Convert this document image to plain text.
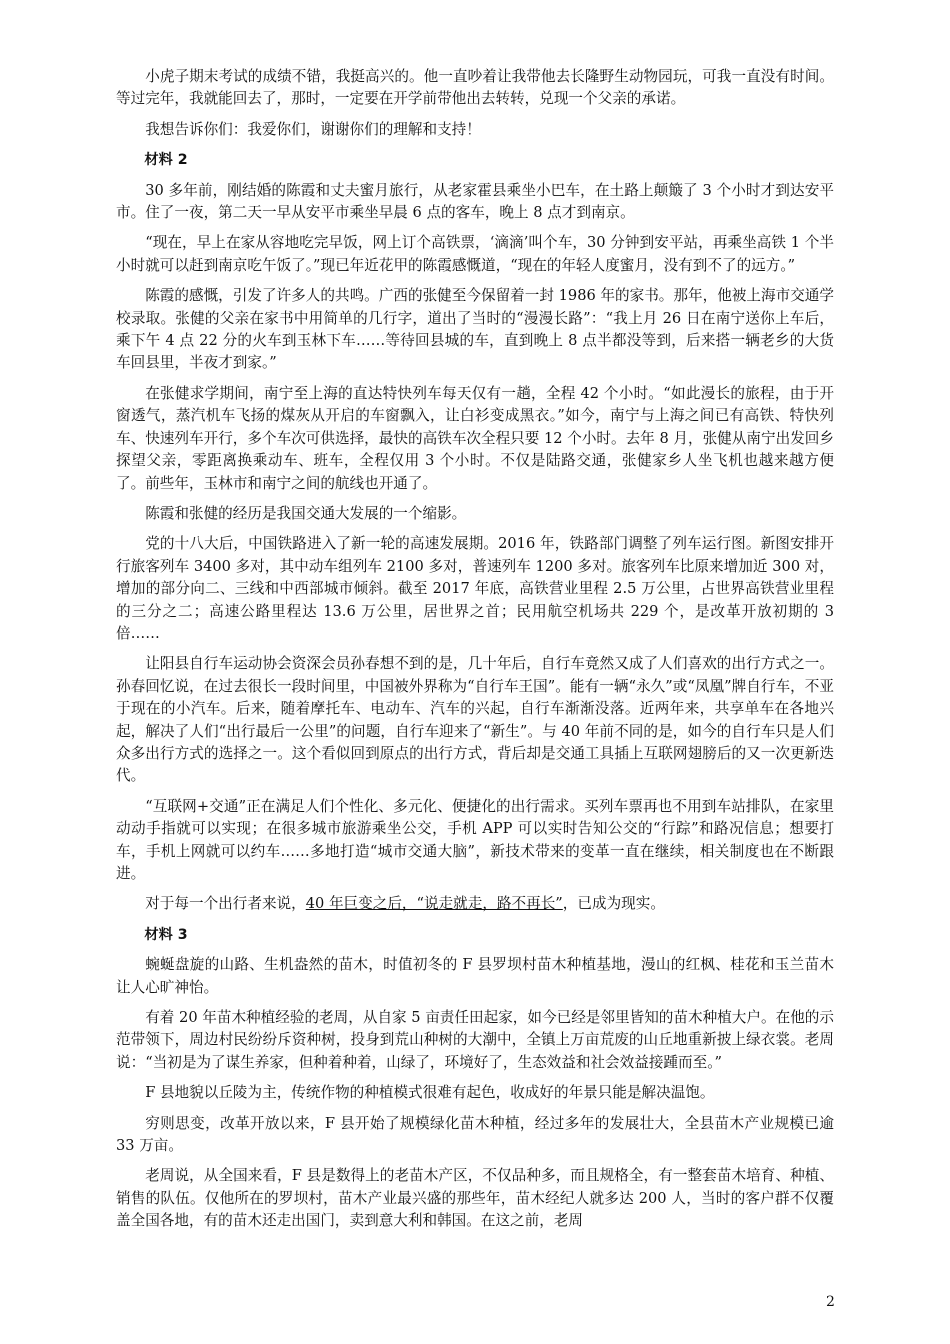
小虎子期末考试的成绩不错，我挺高兴的。他一直吵着让我带他去长隆野生动物园玩，可我一直没有时间。等过完年，我就能回去了，那时，一定要在开学前带他出去转转，兑现一个父亲的承诺。

我想告诉你们：我爱你们，谢谢你们的理解和支持！

材料 2

30 多年前，刚结婚的陈霞和丈夫蜜月旅行，从老家霍县乘坐小巴车，在土路上颠簸了 3 个小时才到达安平市。住了一夜，第二天一早从安平市乘坐早晨 6 点的客车，晚上 8 点才到南京。

“现在，早上在家从容地吃完早饭，网上订个高铁票，‘滴滴’叫个车，30 分钟到安平站，再乘坐高铁 1 个半小时就可以赶到南京吃午饭了。”现已年近花甲的陈霞感慨道，“现在的年轻人度蜜月，没有到不了的远方。”

陈霞的感慨，引发了许多人的共鸣。广西的张健至今保留着一封 1986 年的家书。那年，他被上海市交通学校录取。张健的父亲在家书中用简单的几行字，道出了当时的“漫漫长路”：“我上月 26 日在南宁送你上车后，乘下午 4 点 22 分的火车到玉林下车……等待回县城的车，直到晚上 8 点半都没等到，后来搭一辆老乡的大货车回县里，半夜才到家。”

在张健求学期间，南宁至上海的直达特快列车每天仅有一趟，全程 42 个小时。“如此漫长的旅程，由于开窗透气，蒸汽机车飞扬的煤灰从开启的车窗飘入，让白衫变成黑衣。”如今，南宁与上海之间已有高铁、特快列车、快速列车开行，多个车次可供选择，最快的高铁车次全程只要 12 个小时。去年 8 月，张健从南宁出发回乡探望父亲，零距离换乘动车、班车，全程仅用 3 个小时。不仅是陆路交通，张健家乡人坐飞机也越来越方便了。前些年，玉林市和南宁之间的航线也开通了。

陈霞和张健的经历是我国交通大发展的一个缩影。

党的十八大后，中国铁路进入了新一轮的高速发展期。2016 年，铁路部门调整了列车运行图。新图安排开行旅客列车 3400 多对，其中动车组列车 2100 多对，普速列车 1200 多对。旅客列车比原来增加近 300 对，增加的部分向二、三线和中西部城市倾斜。截至 2017 年底，高铁营业里程 2.5 万公里，占世界高铁营业里程的三分之二；高速公路里程达 13.6 万公里，居世界之首；民用航空机场共 229 个，是改革开放初期的 3 倍……

让阳县自行车运动协会资深会员孙春想不到的是，几十年后，自行车竟然又成了人们喜欢的出行方式之一。孙春回忆说，在过去很长一段时间里，中国被外界称为“自行车王国”。能有一辆“永久”或“凤凰”牌自行车，不亚于现在的小汽车。后来，随着摩托车、电动车、汽车的兴起，自行车渐渐没落。近两年来，共享单车在各地兴起，解决了人们“出行最后一公里”的问题，自行车迎来了“新生”。与 40 年前不同的是，如今的自行车只是人们众多出行方式的选择之一。这个看似回到原点的出行方式，背后却是交通工具插上互联网翅膀后的又一次更新迭代。

“互联网+交通”正在满足人们个性化、多元化、便捷化的出行需求。买列车票再也不用到车站排队，在家里动动手指就可以实现；在很多城市旅游乘坐公交，手机 APP 可以实时告知公交的“行踪”和路况信息；想要打车，手机上网就可以约车……多地打造“城市交通大脑”，新技术带来的变革一直在继续，相关制度也在不断跟进。

对于每一个出行者来说，40 年巨变之后，“说走就走，路不再长”，已成为现实。

材料 3

蜿蜒盘旋的山路、生机盎然的苗木，时值初冬的 F 县罗坝村苗木种植基地，漫山的红枫、桂花和玉兰苗木让人心旷神怡。

有着 20 年苗木种植经验的老周，从自家 5 亩责任田起家，如今已经是邻里皆知的苗木种植大户。在他的示范带领下，周边村民纷纷斥资种树，投身到荒山种树的大潮中，全镇上万亩荒废的山丘地重新披上绿衣裳。老周说：“当初是为了谋生养家，但种着种着，山绿了，环境好了，生态效益和社会效益接踵而至。”

F 县地貌以丘陵为主，传统作物的种植模式很难有起色，收成好的年景只能是解决温饱。

穷则思变，改革开放以来，F 县开始了规模绿化苗木种植，经过多年的发展壮大，全县苗木产业规模已逾 33 万亩。

老周说，从全国来看，F 县是数得上的老苗木产区，不仅品种多，而且规格全，有一整套苗木培育、种植、销售的队伍。仅他所在的罗坝村，苗木产业最兴盛的那些年，苗木经纪人就多达 200 人，当时的客户群不仅覆盖全国各地，有的苗木还走出国门，卖到意大利和韩国。在这之前，老周

2
